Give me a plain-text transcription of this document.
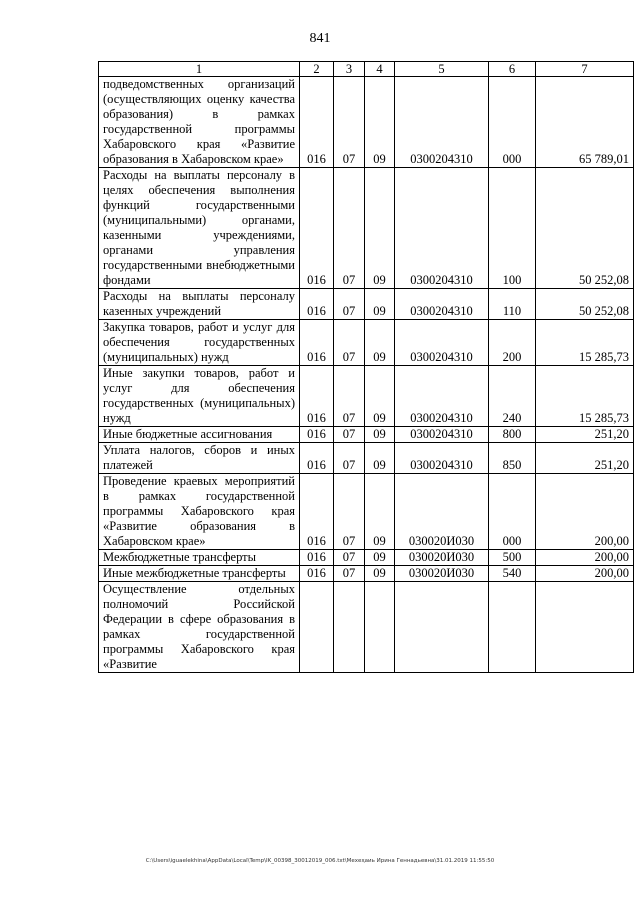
841
1	2	3	4	5	6	7
подведомственных организаций (осуществляющих оценку качества образования) в рамках государственной программы Хабаровского края «Развитие образования в Хабаровском крае»	016	07	09	0300204310	000	65 789,01
Расходы на выплаты персоналу в целях обеспечения выполнения функций государственными (муниципальными) органами, казенными учреждениями, органами управления государственными внебюджетными фондами	016	07	09	0300204310	100	50 252,08
Расходы на выплаты персоналу казенных учреждений	016	07	09	0300204310	110	50 252,08
Закупка товаров, работ и услуг для обеспечения государственных (муниципальных) нужд	016	07	09	0300204310	200	15 285,73
Иные закупки товаров, работ и услуг для обеспечения государственных (муниципальных) нужд	016	07	09	0300204310	240	15 285,73
Иные бюджетные ассигнования	016	07	09	0300204310	800	251,20
Уплата налогов, сборов и иных платежей	016	07	09	0300204310	850	251,20
Проведение краевых мероприятий в рамках государственной программы Хабаровского края «Развитие образования в Хабаровском крае»	016	07	09	030020И030	000	200,00
Межбюджетные трансферты	016	07	09	030020И030	500	200,00
Иные межбюджетные трансферты	016	07	09	030020И030	540	200,00
Осуществление отдельных полномочий Российской Федерации в сфере образования в рамках государственной программы Хабаровского края «Развитие						
C:\Users\iguaelekhina\AppData\Local\Temp\IK_00398_30012019_006.txt\Мехеҳаиь Ирина Геннадьевна\31.01.2019 11:55:50
